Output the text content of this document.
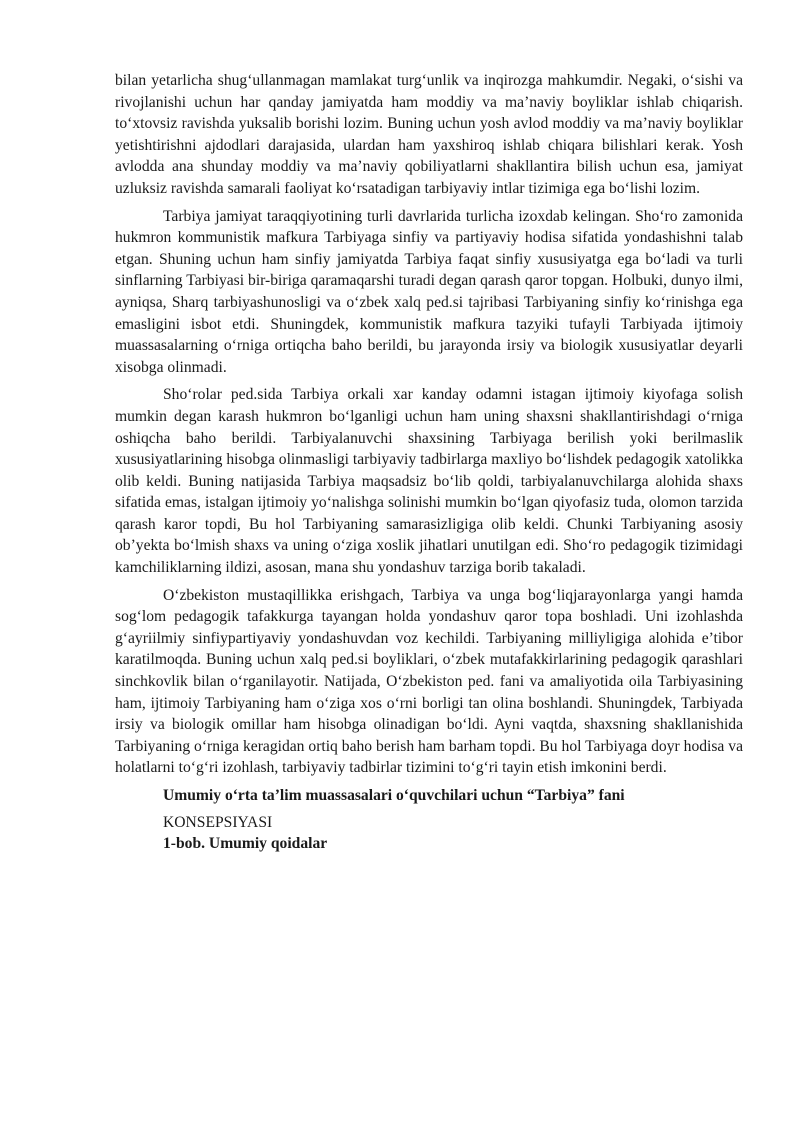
bilan yetarlicha shug‘ullanmagan mamlakat turg‘unlik va inqirozga mahkumdir. Negaki, o‘sishi va rivojlanishi uchun har qanday jamiyatda ham moddiy va ma’naviy boyliklar ishlab chiqarish. to‘xtovsiz ravishda yuksalib borishi lozim. Buning uchun yosh avlod moddiy va ma’naviy boyliklar yetishtirishni ajdodlari darajasida, ulardan ham yaxshiroq ishlab chiqara bilishlari kerak. Yosh avlodda ana shunday moddiy va ma’naviy qobiliyatlarni shakllantira bilish uchun esa, jamiyat uzluksiz ravishda samarali faoliyat ko‘rsatadigan tarbiyaviy intlar tizimiga ega bo‘lishi lozim.

Tarbiya jamiyat taraqqiyotining turli davrlarida turlicha izoxdab kelingan. Sho‘ro zamonida hukmron kommunistik mafkura Tarbiyaga sinfiy va partiyaviy hodisa sifatida yondashishni talab etgan. Shuning uchun ham sinfiy jamiyatda Tarbiya faqat sinfiy xususiyatga ega bo‘ladi va turli sinflarning Tarbiyasi bir-biriga qaramaqarshi turadi degan qarash qaror topgan. Holbuki, dunyo ilmi, ayniqsa, Sharq tarbiyashunosligi va o‘zbek xalq ped.si tajribasi Tarbiyaning sinfiy ko‘rinishga ega emasligini isbot etdi. Shuningdek, kommunistik mafkura tazyiki tufayli Tarbiyada ijtimoiy muassasalarning o‘rniga ortiqcha baho berildi, bu jarayonda irsiy va biologik xususiyatlar deyarli xisobga olinmadi.

Sho‘rolar ped.sida Tarbiya orkali xar kanday odamni istagan ijtimoiy kiyofaga solish mumkin degan karash hukmron bo‘lganligi uchun ham uning shaxsni shakllantirishdagi o‘rniga oshiqcha baho berildi. Tarbiyalanuvchi shaxsining Tarbiyaga berilish yoki berilmaslik xususiyatlarining hisobga olinmasligi tarbiyaviy tadbirlarga maxliyo bo‘lishdek pedagogik xatolikka olib keldi. Buning natijasida Tarbiya maqsadsiz bo‘lib qoldi, tarbiyalanuvchilarga alohida shaxs sifatida emas, istalgan ijtimoiy yo‘nalishga solinishi mumkin bo‘lgan qiyofasiz tuda, olomon tarzida qarash karor topdi, Bu hol Tarbiyaning samarasizligiga olib keldi. Chunki Tarbiyaning asosiy ob’yekta bo‘lmish shaxs va uning o‘ziga xoslik jihatlari unutilgan edi. Sho‘ro pedagogik tizimidagi kamchiliklarning ildizi, asosan, mana shu yondashuv tarziga borib takaladi.

O‘zbekiston mustaqillikka erishgach, Tarbiya va unga bog‘liqjarayonlarga yangi hamda sog‘lom pedagogik tafakkurga tayangan holda yondashuv qaror topa boshladi. Uni izohlashda g‘ayriilmiy sinfiypartiyaviy yondashuvdan voz kechildi. Tarbiyaning milliyligiga alohida e’tibor karatilmoqda. Buning uchun xalq ped.si boyliklari, o‘zbek mutafakkirlarining pedagogik qarashlari sinchkovlik bilan o‘rganilayotir. Natijada, O‘zbekiston ped. fani va amaliyotida oila Tarbiyasining ham, ijtimoiy Tarbiyaning ham o‘ziga xos o‘rni borligi tan olina boshlandi. Shuningdek, Tarbiyada irsiy va biologik omillar ham hisobga olinadigan bo‘ldi. Ayni vaqtda, shaxsning shakllanishida Tarbiyaning o‘rniga keragidan ortiq baho berish ham barham topdi. Bu hol Tarbiyaga doyr hodisa va holatlarni to‘g‘ri izohlash, tarbiyaviy tadbirlar tizimini to‘g‘ri tayin etish imkonini berdi.

Umumiy o‘rta ta’lim muassasalari o‘quvchilari uchun “Tarbiya” fani

KONSEPSIYASI

1-bob. Umumiy qoidalar
